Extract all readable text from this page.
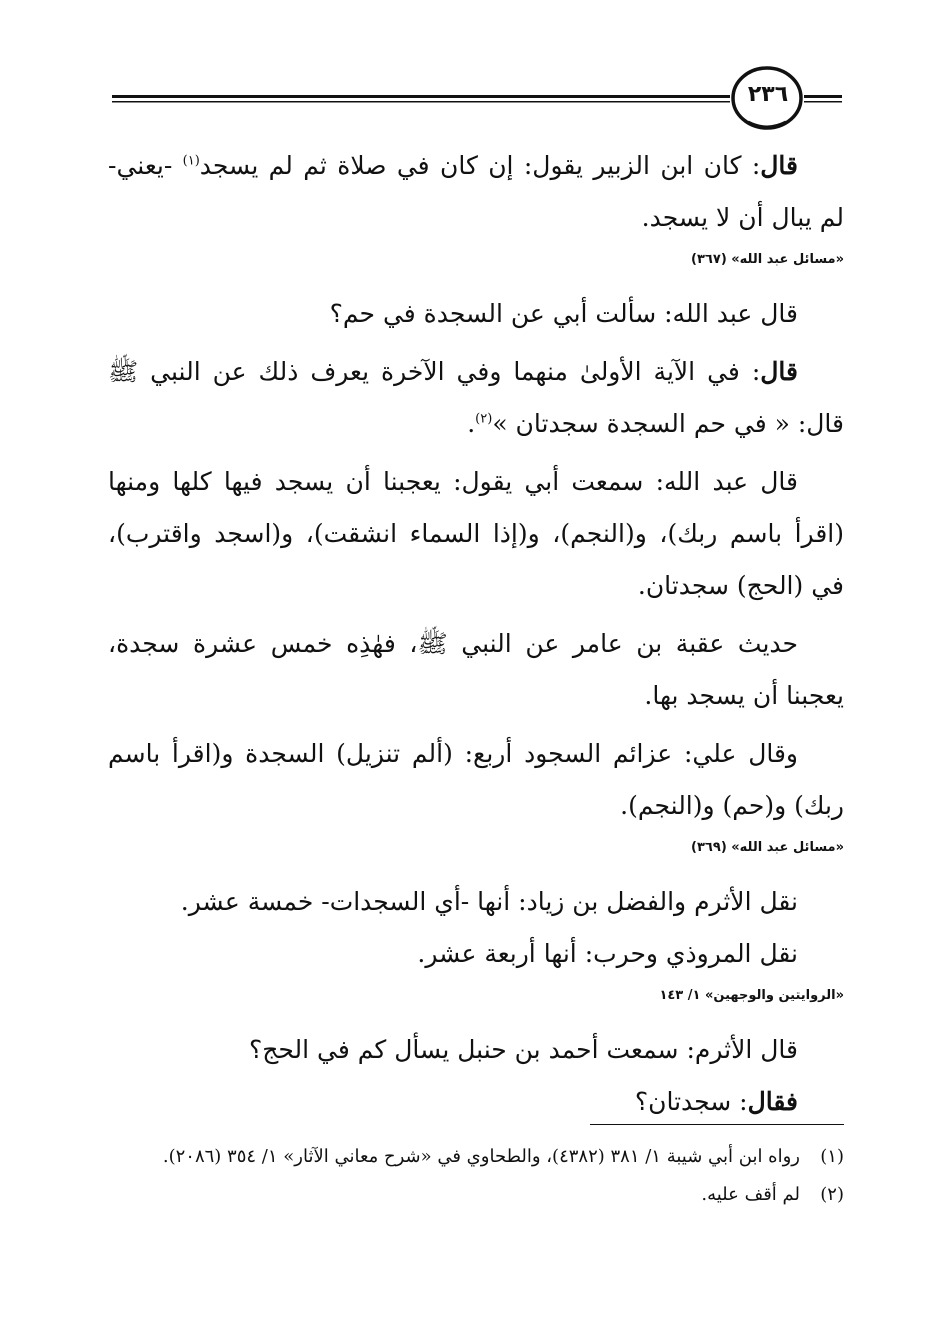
٢٣٦

قال: كان ابن الزبير يقول: إن كان في صلاة ثم لم يسجد$^{(١)}$ -يعني- لم يبال أن لا يسجد.

«مسائل عبد الله» (٣٦٧)

قال عبد الله: سألت أبي عن السجدة في حم؟

قال: في الآية الأولىٰ منهما وفي الآخرة يعرف ذلك عن النبي ﷺ قال: « في حم السجدة سجدتان »$^{(٢)}$.

قال عبد الله: سمعت أبي يقول: يعجبنا أن يسجد فيها كلها ومنها (اقرأ باسم ربك)، و(النجم)، و(إذا السماء انشقت)، و(اسجد واقترب)، في (الحج) سجدتان.

حديث عقبة بن عامر عن النبي ﷺ، فهٰذِه خمس عشرة سجدة، يعجبنا أن يسجد بها.

وقال علي: عزائم السجود أربع: (ألم تنزيل) السجدة و(اقرأ باسم ربك) و(حم) و(النجم).

«مسائل عبد الله» (٣٦٩)

نقل الأثرم والفضل بن زياد: أنها -أي السجدات- خمسة عشر.

نقل المروذي وحرب: أنها أربعة عشر.

«الروايتين والوجهين» ١/ ١٤٣

قال الأثرم: سمعت أحمد بن حنبل يسأل كم في الحج؟

فقال: سجدتان؟

(١)
رواه ابن أبي شيبة ١/ ٣٨١ (٤٣٨٢)، والطحاوي في «شرح معاني الآثار» ١/ ٣٥٤ (٢٠٨٦).
(٢)
لم أقف عليه.
